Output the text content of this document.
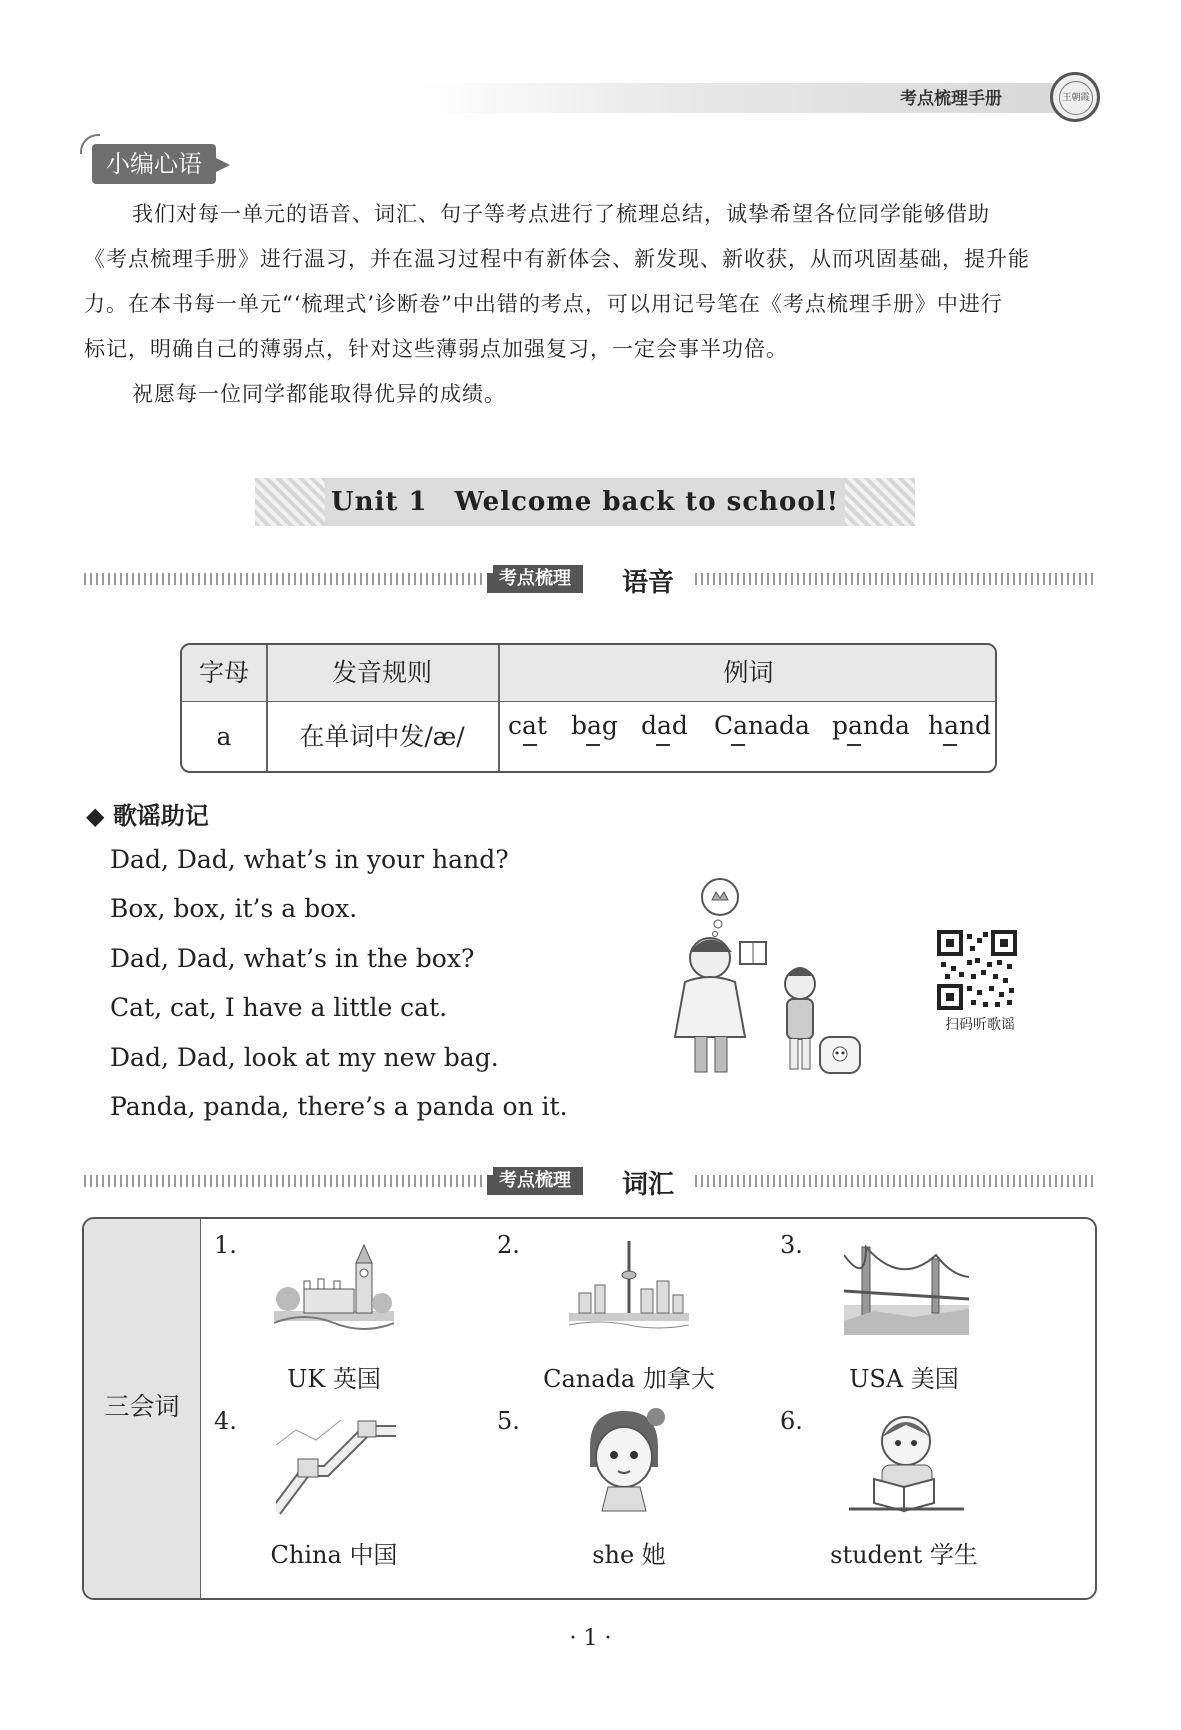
考点梳理手册	王朝霞
小编心语
我们对每一单元的语音、词汇、句子等考点进行了梳理总结，诚挚希望各位同学能够借助
《考点梳理手册》进行温习，并在温习过程中有新体会、新发现、新收获，从而巩固基础，提升能
力。在本书每一单元“‘梳理式’诊断卷”中出错的考点，可以用记号笔在《考点梳理手册》中进行
标记，明确自己的薄弱点，针对这些薄弱点加强复习，一定会事半功倍。
祝愿每一位同学都能取得优异的成绩。
Unit 1　Welcome back to school!
考点梳理	语音
字母	发音规则	例词
a	在单词中发/æ/	cat bag dad Canada panda hand
◆ 歌谣助记
Dad, Dad, what’s in your hand?
Box, box, it’s a box.
Dad, Dad, what’s in the box?
Cat, cat, I have a little cat.
Dad, Dad, look at my new bag.
Panda, panda, there’s a panda on it.
扫码听歌谣
考点梳理	词汇
三会词
1.
UK 英国
2.
Canada 加拿大
3.
USA 美国
4.
China 中国
5.
she 她
6.
student 学生
· 1 ·
